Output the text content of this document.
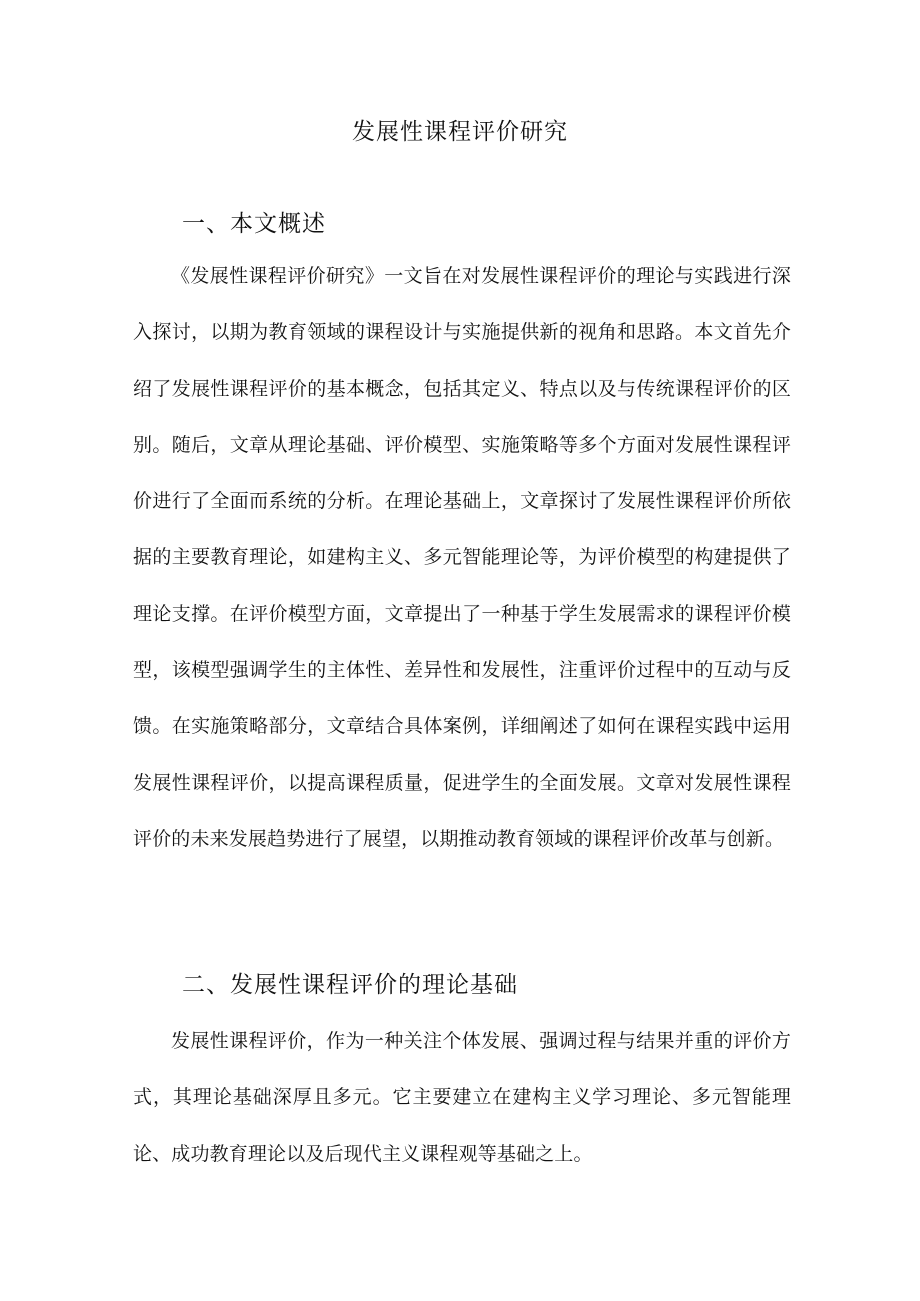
发展性课程评价研究
一、本文概述

《发展性课程评价研究》一文旨在对发展性课程评价的理论与实践进行深入探讨，以期为教育领域的课程设计与实施提供新的视角和思路。本文首先介绍了发展性课程评价的基本概念，包括其定义、特点以及与传统课程评价的区别。随后，文章从理论基础、评价模型、实施策略等多个方面对发展性课程评价进行了全面而系统的分析。在理论基础上，文章探讨了发展性课程评价所依据的主要教育理论，如建构主义、多元智能理论等，为评价模型的构建提供了理论支撑。在评价模型方面，文章提出了一种基于学生发展需求的课程评价模型，该模型强调学生的主体性、差异性和发展性，注重评价过程中的互动与反馈。在实施策略部分，文章结合具体案例，详细阐述了如何在课程实践中运用发展性课程评价，以提高课程质量，促进学生的全面发展。文章对发展性课程评价的未来发展趋势进行了展望，以期推动教育领域的课程评价改革与创新。

二、发展性课程评价的理论基础

发展性课程评价，作为一种关注个体发展、强调过程与结果并重的评价方式，其理论基础深厚且多元。它主要建立在建构主义学习理论、多元智能理论、成功教育理论以及后现代主义课程观等基础之上。
